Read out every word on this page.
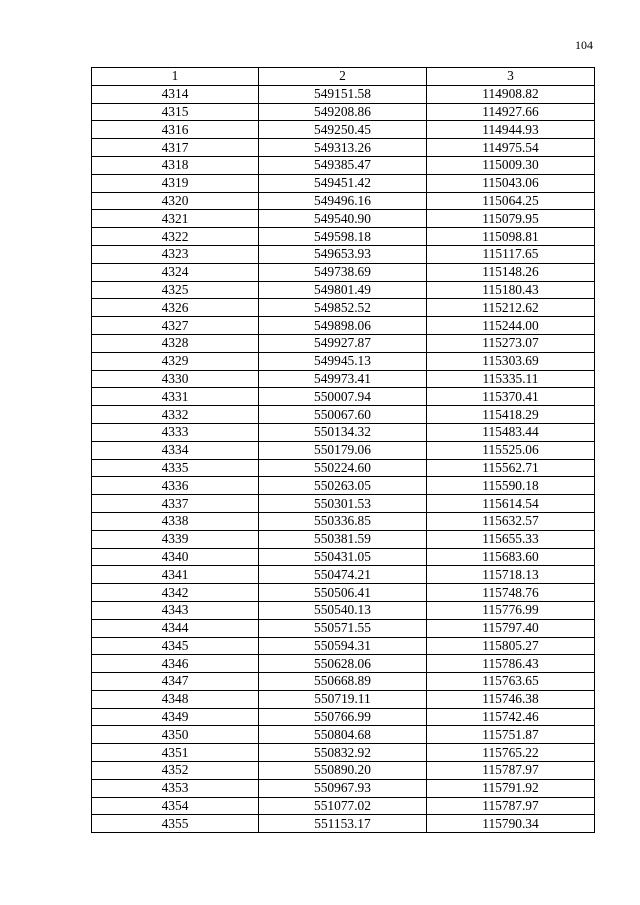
104
1	2	3
4314	549151.58	114908.82
4315	549208.86	114927.66
4316	549250.45	114944.93
4317	549313.26	114975.54
4318	549385.47	115009.30
4319	549451.42	115043.06
4320	549496.16	115064.25
4321	549540.90	115079.95
4322	549598.18	115098.81
4323	549653.93	115117.65
4324	549738.69	115148.26
4325	549801.49	115180.43
4326	549852.52	115212.62
4327	549898.06	115244.00
4328	549927.87	115273.07
4329	549945.13	115303.69
4330	549973.41	115335.11
4331	550007.94	115370.41
4332	550067.60	115418.29
4333	550134.32	115483.44
4334	550179.06	115525.06
4335	550224.60	115562.71
4336	550263.05	115590.18
4337	550301.53	115614.54
4338	550336.85	115632.57
4339	550381.59	115655.33
4340	550431.05	115683.60
4341	550474.21	115718.13
4342	550506.41	115748.76
4343	550540.13	115776.99
4344	550571.55	115797.40
4345	550594.31	115805.27
4346	550628.06	115786.43
4347	550668.89	115763.65
4348	550719.11	115746.38
4349	550766.99	115742.46
4350	550804.68	115751.87
4351	550832.92	115765.22
4352	550890.20	115787.97
4353	550967.93	115791.92
4354	551077.02	115787.97
4355	551153.17	115790.34
